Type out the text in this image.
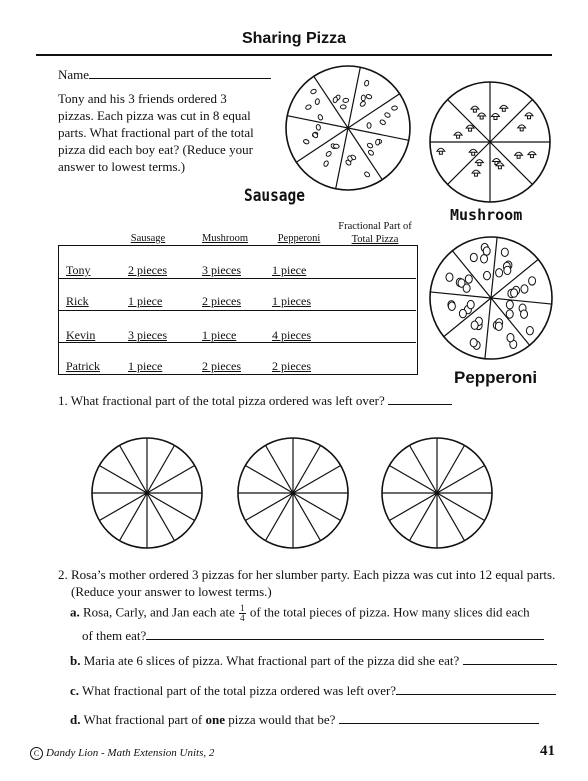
Sharing Pizza
Name
Tony and his 3 friends ordered 3 pizzas. Each pizza was cut in 8 equal parts. What fractional part of the total pizza did each boy eat? (Reduce your answer to lowest terms.)
Sausage
Mushroom
Pepperoni
Sausage	Mushroom	Pepperoni
Fractional Part of
Total Pizza
Tony	2 pieces	3 pieces	1 piece
Rick	1 piece	2 pieces	1 pieces
Kevin	3 pieces	1 piece	4 pieces
Patrick 1 piece	2 pieces	2 pieces
1. What fractional part of the total pizza ordered was left over?
2. Rosa’s mother ordered 3 pizzas for her slumber party. Each pizza was cut into 12 equal parts.
(Reduce your answer to lowest terms.)
a. Rosa, Carly, and Jan each ate $\frac{1}{4}$ of the total pieces of pizza. How many slices did each
of them eat?
b. Maria ate 6 slices of pizza. What fractional part of the pizza did she eat?
c. What fractional part of the total pizza ordered was left over?
d. What fractional part of one pizza would that be?
C Dandy Lion - Math Extension Units, 2	41
